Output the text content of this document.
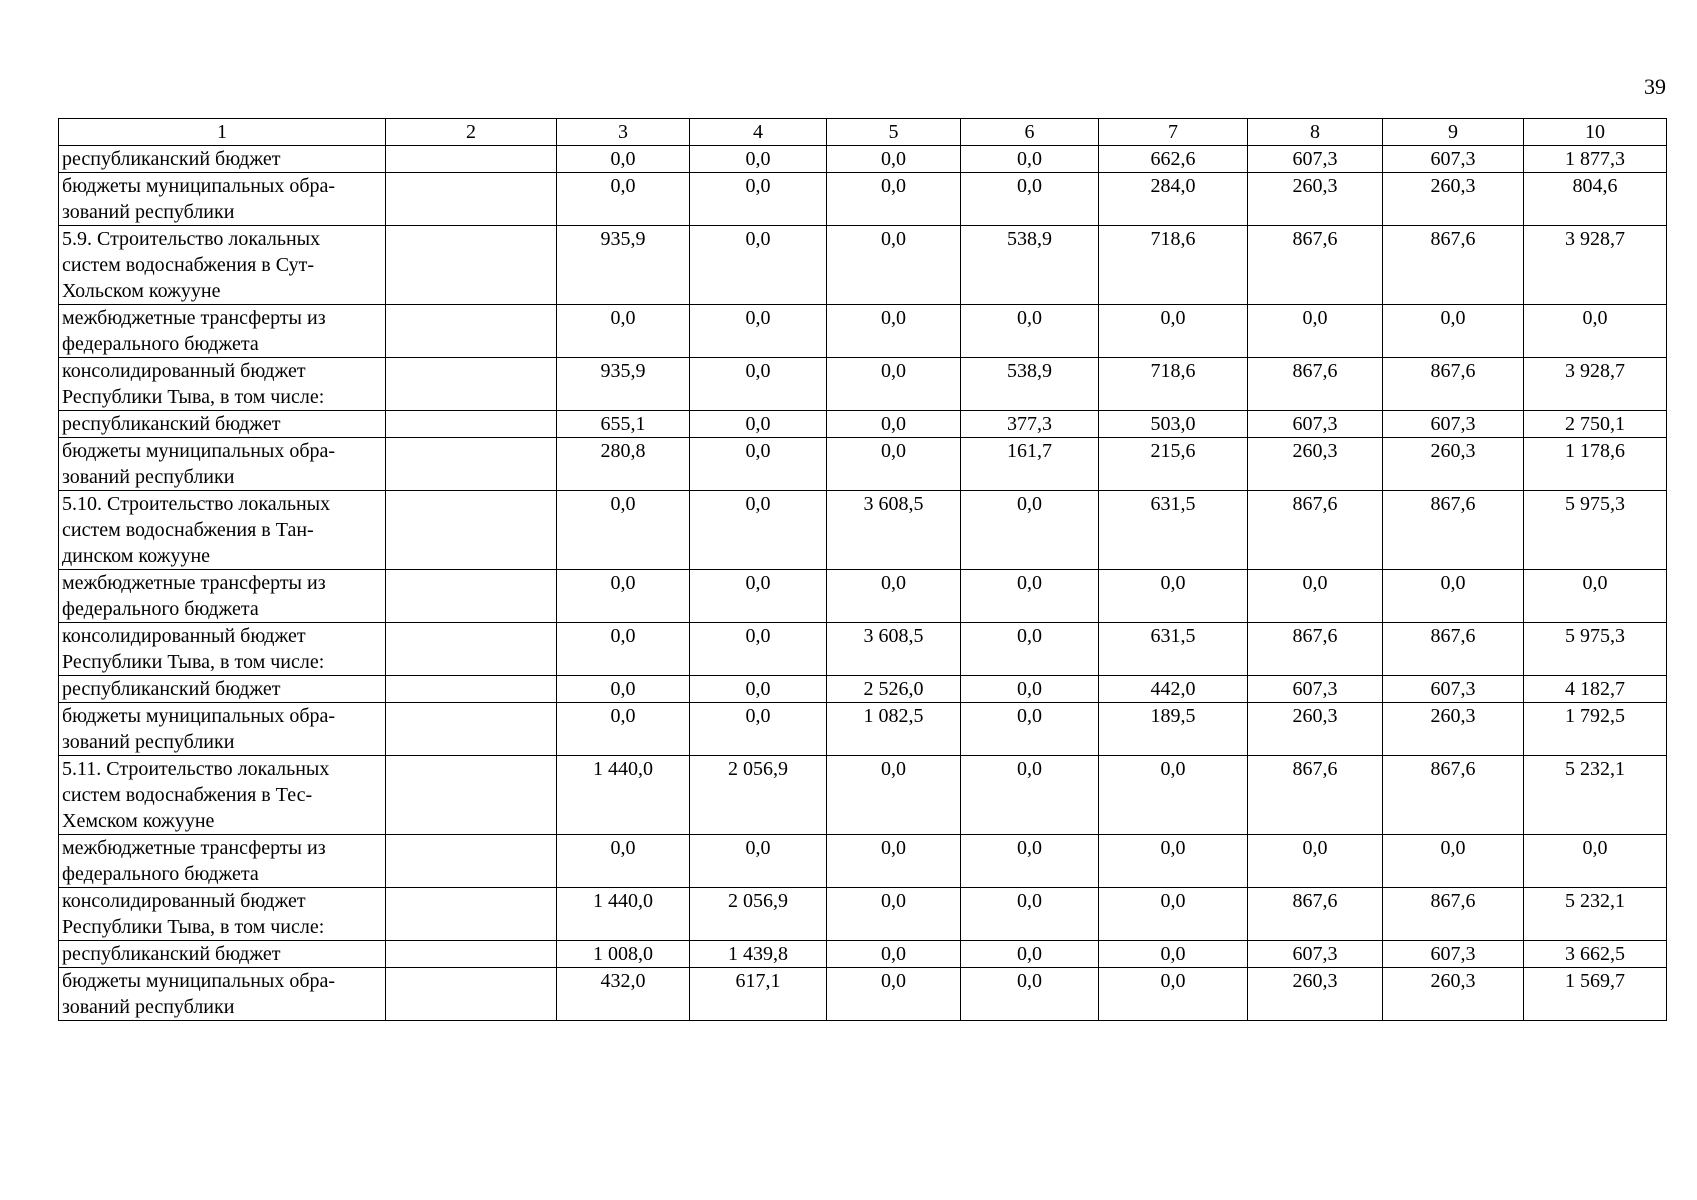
39
1	2	3	4	5	6	7	8	9	10
республиканский бюджет		0,0	0,0	0,0	0,0	662,6	607,3	607,3	1 877,3
бюджеты муниципальных обра-
зований республики		0,0	0,0	0,0	0,0	284,0	260,3	260,3	804,6
5.9. Строительство локальных
систем водоснабжения в Сут-
Хольском кожууне		935,9	0,0	0,0	538,9	718,6	867,6	867,6	3 928,7
межбюджетные трансферты из
федерального бюджета		0,0	0,0	0,0	0,0	0,0	0,0	0,0	0,0
консолидированный бюджет
Республики Тыва, в том числе:		935,9	0,0	0,0	538,9	718,6	867,6	867,6	3 928,7
республиканский бюджет		655,1	0,0	0,0	377,3	503,0	607,3	607,3	2 750,1
бюджеты муниципальных обра-
зований республики		280,8	0,0	0,0	161,7	215,6	260,3	260,3	1 178,6
5.10. Строительство локальных
систем водоснабжения в Тан-
динском кожууне		0,0	0,0	3 608,5	0,0	631,5	867,6	867,6	5 975,3
межбюджетные трансферты из
федерального бюджета		0,0	0,0	0,0	0,0	0,0	0,0	0,0	0,0
консолидированный бюджет
Республики Тыва, в том числе:		0,0	0,0	3 608,5	0,0	631,5	867,6	867,6	5 975,3
республиканский бюджет		0,0	0,0	2 526,0	0,0	442,0	607,3	607,3	4 182,7
бюджеты муниципальных обра-
зований республики		0,0	0,0	1 082,5	0,0	189,5	260,3	260,3	1 792,5
5.11. Строительство локальных
систем водоснабжения в Тес-
Хемском кожууне		1 440,0	2 056,9	0,0	0,0	0,0	867,6	867,6	5 232,1
межбюджетные трансферты из
федерального бюджета		0,0	0,0	0,0	0,0	0,0	0,0	0,0	0,0
консолидированный бюджет
Республики Тыва, в том числе:		1 440,0	2 056,9	0,0	0,0	0,0	867,6	867,6	5 232,1
республиканский бюджет		1 008,0	1 439,8	0,0	0,0	0,0	607,3	607,3	3 662,5
бюджеты муниципальных обра-
зований республики		432,0	617,1	0,0	0,0	0,0	260,3	260,3	1 569,7
